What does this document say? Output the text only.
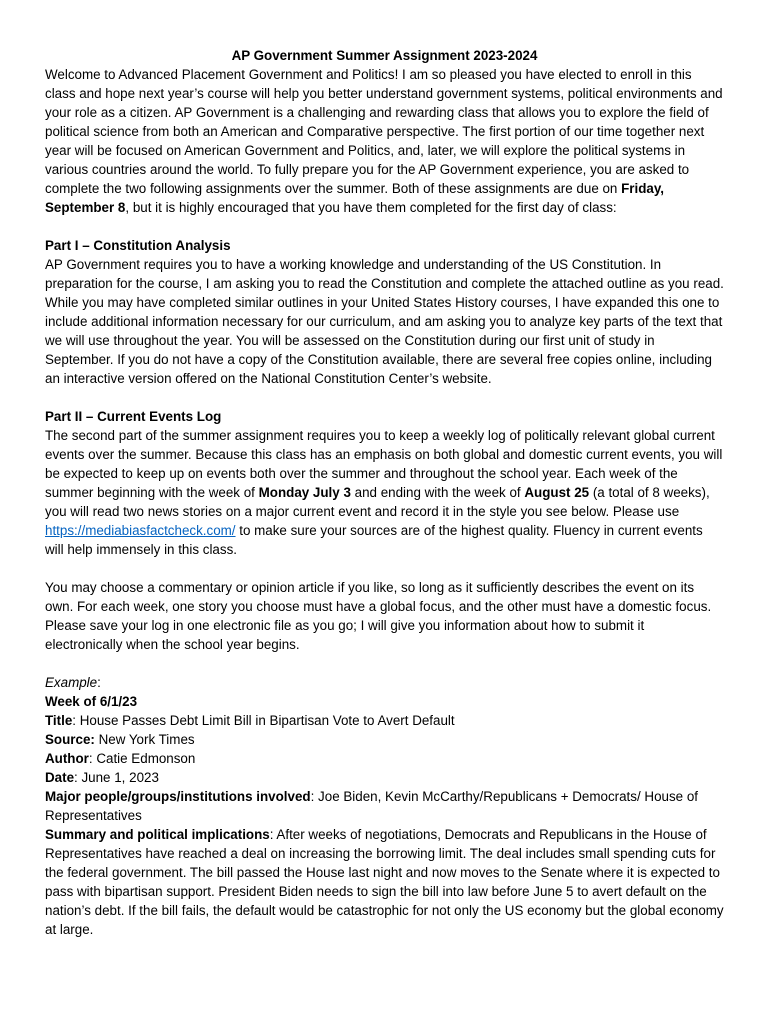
AP Government Summer Assignment 2023-2024

Welcome to Advanced Placement Government and Politics! I am so pleased you have elected to enroll in this class and hope next year’s course will help you better understand government systems, political environments and your role as a citizen. AP Government is a challenging and rewarding class that allows you to explore the field of political science from both an American and Comparative perspective. The first portion of our time together next year will be focused on American Government and Politics, and, later, we will explore the political systems in various countries around the world. To fully prepare you for the AP Government experience, you are asked to complete the two following assignments over the summer. Both of these assignments are due on Friday, September 8, but it is highly encouraged that you have them completed for the first day of class:

Part I – Constitution Analysis

AP Government requires you to have a working knowledge and understanding of the US Constitution. In preparation for the course, I am asking you to read the Constitution and complete the attached outline as you read. While you may have completed similar outlines in your United States History courses, I have expanded this one to include additional information necessary for our curriculum, and am asking you to analyze key parts of the text that we will use throughout the year. You will be assessed on the Constitution during our first unit of study in September. If you do not have a copy of the Constitution available, there are several free copies online, including an interactive version offered on the National Constitution Center’s website.

Part II – Current Events Log

The second part of the summer assignment requires you to keep a weekly log of politically relevant global current events over the summer. Because this class has an emphasis on both global and domestic current events, you will be expected to keep up on events both over the summer and throughout the school year. Each week of the summer beginning with the week of Monday July 3 and ending with the week of August 25 (a total of 8 weeks), you will read two news stories on a major current event and record it in the style you see below. Please use https://mediabiasfactcheck.com/ to make sure your sources are of the highest quality. Fluency in current events will help immensely in this class.

You may choose a commentary or opinion article if you like, so long as it sufficiently describes the event on its own. For each week, one story you choose must have a global focus, and the other must have a domestic focus. Please save your log in one electronic file as you go; I will give you information about how to submit it electronically when the school year begins.

Example:

Week of 6/1/23

Title: House Passes Debt Limit Bill in Bipartisan Vote to Avert Default

Source: New York Times

Author: Catie Edmonson

Date: June 1, 2023

Major people/groups/institutions involved: Joe Biden, Kevin McCarthy/Republicans + Democrats/ House of Representatives

Summary and political implications: After weeks of negotiations, Democrats and Republicans in the House of Representatives have reached a deal on increasing the borrowing limit. The deal includes small spending cuts for the federal government. The bill passed the House last night and now moves to the Senate where it is expected to pass with bipartisan support. President Biden needs to sign the bill into law before June 5 to avert default on the nation’s debt. If the bill fails, the default would be catastrophic for not only the US economy but the global economy at large.
